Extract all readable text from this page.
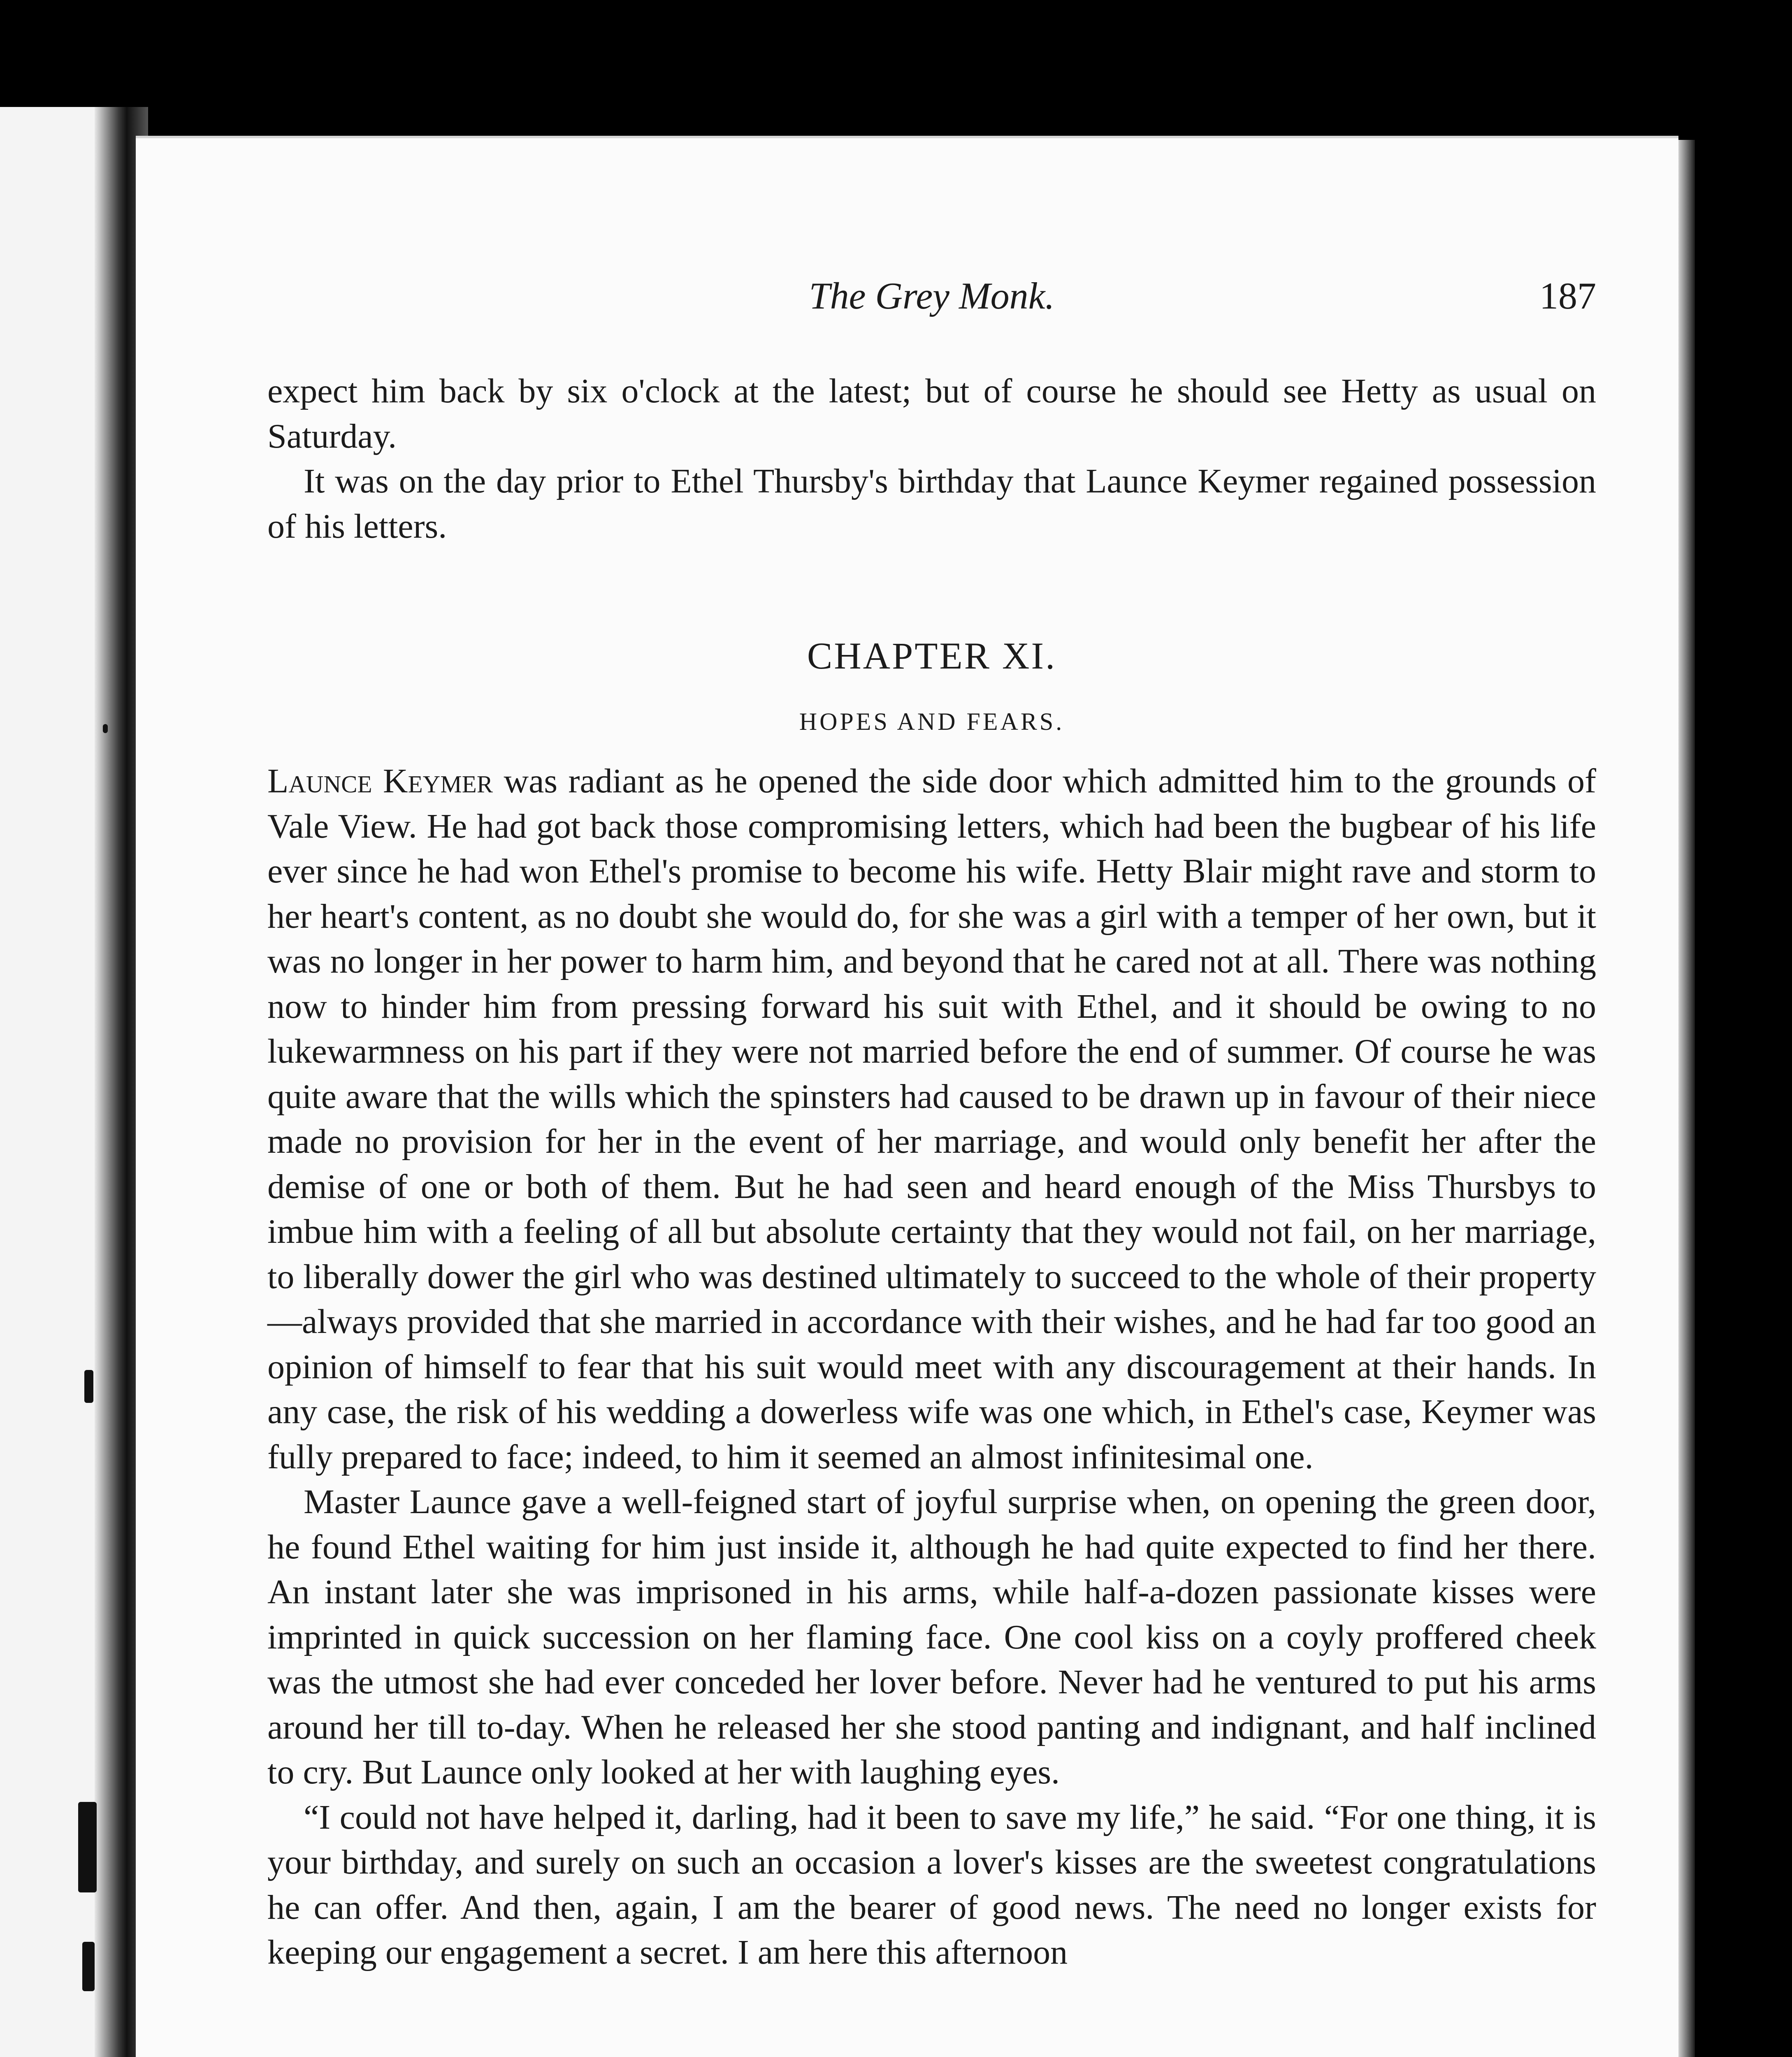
The Grey Monk.	187

expect him back by six o'clock at the latest; but of course he should see Hetty as usual on Saturday.

It was on the day prior to Ethel Thursby's birthday that Launce Keymer regained possession of his letters.

CHAPTER XI.
HOPES AND FEARS.

Launce Keymer was radiant as he opened the side door which admitted him to the grounds of Vale View. He had got back those compromising letters, which had been the bugbear of his life ever since he had won Ethel's promise to become his wife. Hetty Blair might rave and storm to her heart's content, as no doubt she would do, for she was a girl with a temper of her own, but it was no longer in her power to harm him, and beyond that he cared not at all. There was nothing now to hinder him from pressing forward his suit with Ethel, and it should be owing to no lukewarmness on his part if they were not married before the end of summer. Of course he was quite aware that the wills which the spinsters had caused to be drawn up in favour of their niece made no provision for her in the event of her marriage, and would only benefit her after the demise of one or both of them. But he had seen and heard enough of the Miss Thursbys to imbue him with a feeling of all but absolute certainty that they would not fail, on her marriage, to liberally dower the girl who was destined ultimately to succeed to the whole of their property—always provided that she married in accordance with their wishes, and he had far too good an opinion of himself to fear that his suit would meet with any discouragement at their hands. In any case, the risk of his wedding a dowerless wife was one which, in Ethel's case, Keymer was fully prepared to face; indeed, to him it seemed an almost infinitesimal one.

Master Launce gave a well-feigned start of joyful surprise when, on opening the green door, he found Ethel waiting for him just inside it, although he had quite expected to find her there. An instant later she was imprisoned in his arms, while half-a-dozen passionate kisses were imprinted in quick succession on her flaming face. One cool kiss on a coyly proffered cheek was the utmost she had ever conceded her lover before. Never had he ventured to put his arms around her till to-day. When he released her she stood panting and indignant, and half inclined to cry. But Launce only looked at her with laughing eyes.

“I could not have helped it, darling, had it been to save my life,” he said. “For one thing, it is your birthday, and surely on such an occasion a lover's kisses are the sweetest congratulations he can offer. And then, again, I am the bearer of good news. The need no longer exists for keeping our engagement a secret. I am here this afternoon
